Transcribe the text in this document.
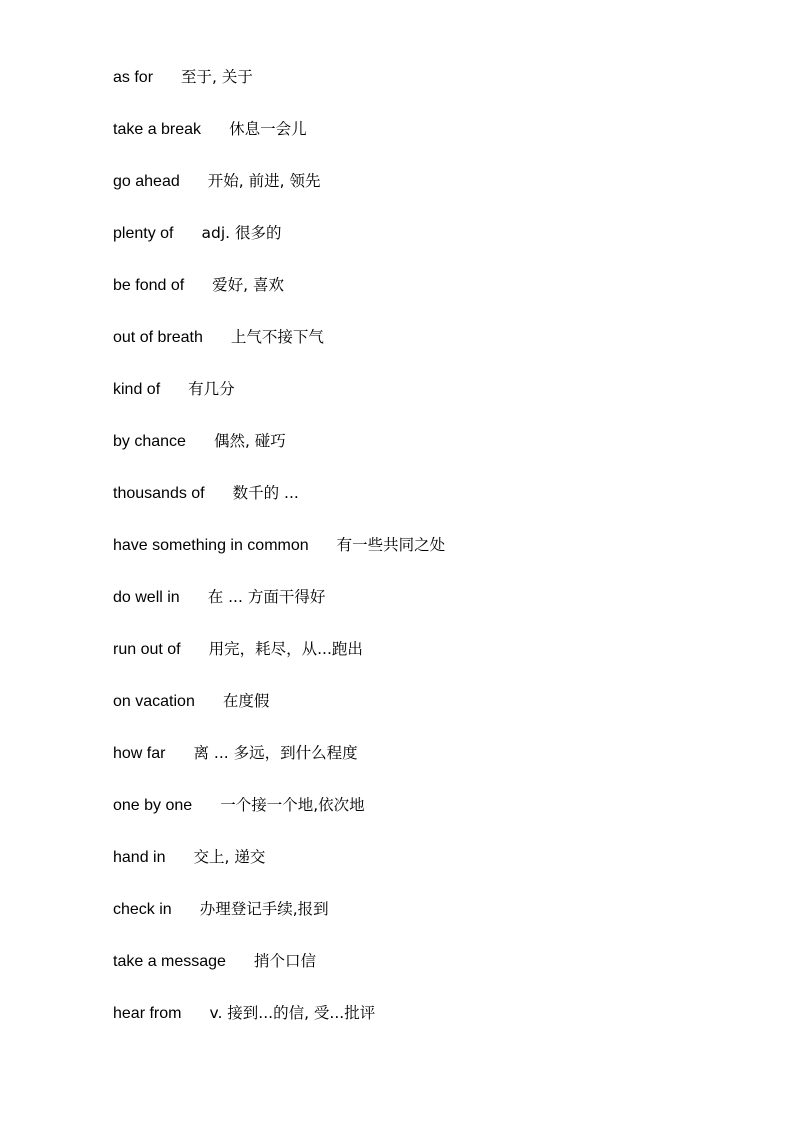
as for 至于, 关于
take a break 休息一会儿
go ahead 开始, 前进, 领先
plenty of adj. 很多的
be fond of 爱好, 喜欢
out of breath 上气不接下气
kind of 有几分
by chance 偶然, 碰巧
thousands of 数千的 ...
have something in common 有一些共同之处
do well in 在 ... 方面干得好
run out of 用完，耗尽，从...跑出
on vacation 在度假
how far 离 ... 多远，到什么程度
one by one 一个接一个地,依次地
hand in 交上, 递交
check in 办理登记手续,报到
take a message 捎个口信
hear from v. 接到...的信, 受...批评
